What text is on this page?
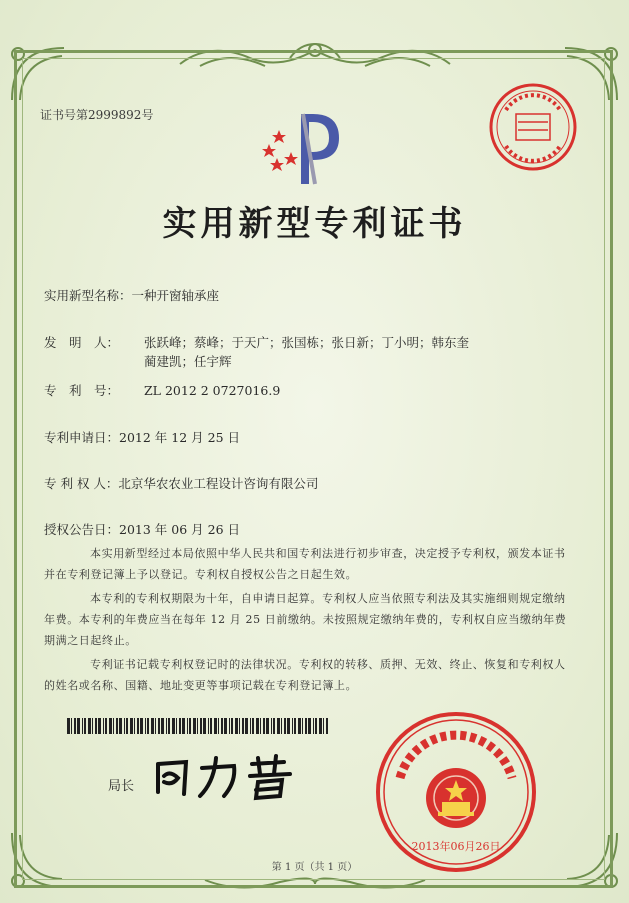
证书号第2999892号
实用新型专利证书
实用新型名称：一种开窗轴承座
发　明　人： 张跃峰；蔡峰；于天广；张国栋；张日新；丁小明；韩东奎
蔺建凯；任宇辉
专　利　号： ZL 2012 2 0727016.9
专利申请日：2012 年 12 月 25 日
专 利 权 人：北京华农农业工程设计咨询有限公司
授权公告日：2013 年 06 月 26 日
本实用新型经过本局依照中华人民共和国专利法进行初步审查，决定授予专利权，颁发本证书并在专利登记簿上予以登记。专利权自授权公告之日起生效。
本专利的专利权期限为十年，自申请日起算。专利权人应当依照专利法及其实施细则规定缴纳年费。本专利的年费应当在每年 12 月 25 日前缴纳。未按照规定缴纳年费的，专利权自应当缴纳年费期满之日起终止。
专利证书记载专利权登记时的法律状况。专利权的转移、质押、无效、终止、恢复和专利权人的姓名或名称、国籍、地址变更等事项记载在专利登记簿上。
局长
2013年06月26日
第 1 页（共 1 页）
